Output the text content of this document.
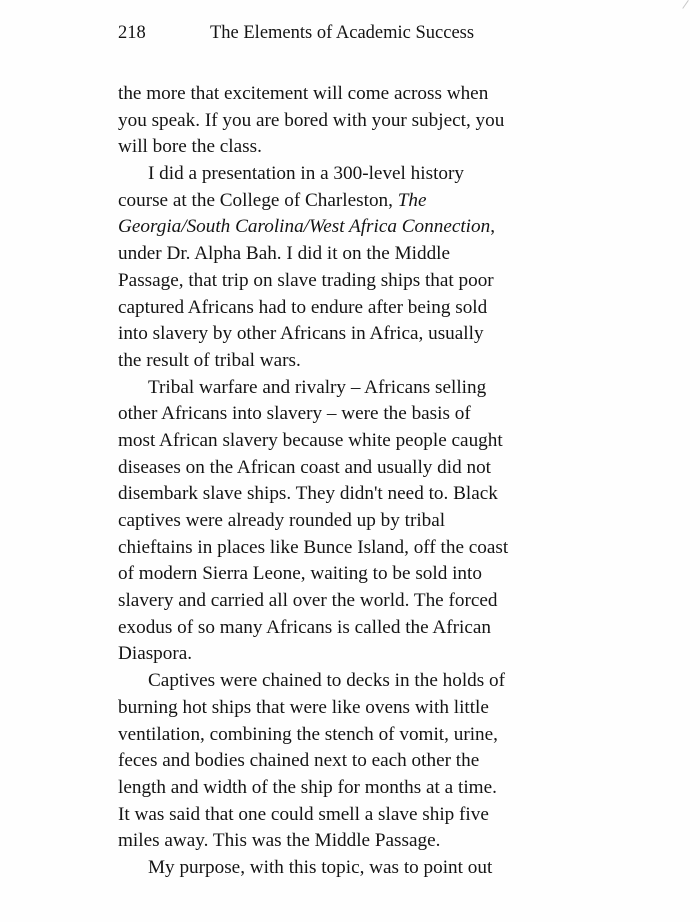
218	The Elements of Academic Success
the more that excitement will come across when
you speak. If you are bored with your subject, you
will bore the class.
I did a presentation in a 300-level history
course at the College of Charleston, The
Georgia/South Carolina/West Africa Connection,
under Dr. Alpha Bah. I did it on the Middle
Passage, that trip on slave trading ships that poor
captured Africans had to endure after being sold
into slavery by other Africans in Africa, usually
the result of tribal wars.
Tribal warfare and rivalry – Africans selling
other Africans into slavery – were the basis of
most African slavery because white people caught
diseases on the African coast and usually did not
disembark slave ships. They didn't need to. Black
captives were already rounded up by tribal
chieftains in places like Bunce Island, off the coast
of modern Sierra Leone, waiting to be sold into
slavery and carried all over the world. The forced
exodus of so many Africans is called the African
Diaspora.
Captives were chained to decks in the holds of
burning hot ships that were like ovens with little
ventilation, combining the stench of vomit, urine,
feces and bodies chained next to each other the
length and width of the ship for months at a time.
It was said that one could smell a slave ship five
miles away. This was the Middle Passage.
My purpose, with this topic, was to point out
